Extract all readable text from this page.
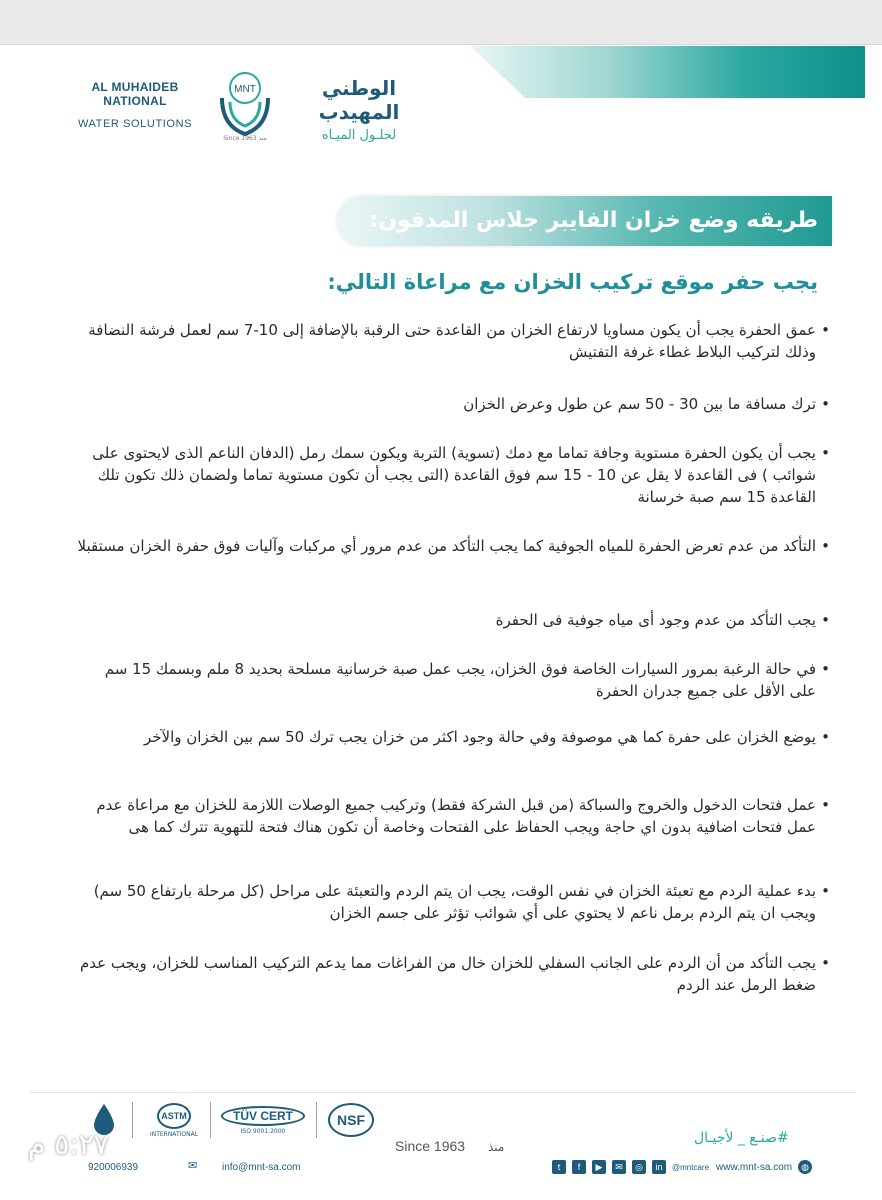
AL MUHAIDEB NATIONAL
WATER SOLUTIONS
MNT
Since 1963 منذ
الوطني المهيدب
لحلـول الميـاه
طريقه وضع خزان الفايبر جلاس المدفون:
يجب حفر موقع تركيب الخزان مع مراعاة التالي:
•
عمق الحفرة يجب أن يكون مساويا لارتفاع الخزان من القاعدة حتى الرقبة بالإضافة إلى 10-7 سم لعمل فرشة النضافة وذلك لتركيب البلاط غطاء غرفة التفتيش
•
ترك مسافة ما بين 30 - 50 سم عن طول وعرض الخزان
•
يجب أن يكون الحفرة مستوية وجافة تماما مع دمك (تسوية) التربة ويكون سمك رمل (الدفان الناعم الذى لايحتوى على شوائب ) فى القاعدة لا يقل عن 10 - 15 سم فوق القاعدة (التى يجب أن تكون مستوية تماما ولضمان ذلك تكون تلك القاعدة 15 سم صبة خرسانة
•
التأكد من عدم تعرض الحفرة للمياه الجوفية كما يجب التأكد من عدم مرور أي مركبات وآليات فوق حفرة الخزان مستقبلا
•
يجب التأكد من عدم وجود أى مياه جوفية فى الحفرة
•
في حالة الرغبة بمرور السيارات الخاصة فوق الخزان، يجب عمل صبة خرسانية مسلحة بحديد 8 ملم وبسمك 15 سم على الأقل على جميع جدران الحفرة
•
يوضع الخزان على حفرة كما هي موصوفة وفي حالة وجود اكثر من خزان يجب ترك 50 سم بين الخزان والآخر
•
عمل فتحات الدخول والخروج والسباكة (من قبل الشركة فقط) وتركيب جميع الوصلات اللازمة للخزان مع مراعاة عدم عمل فتحات اضافية بدون اي حاجة ويجب الحفاظ على الفتحات وخاصة أن تكون هناك فتحة للتهوية تترك كما هى
•
بدء عملية الردم مع تعبئة الخزان في نفس الوقت، يجب ان يتم الردم والتعبئة على مراحل (كل مرحلة بارتفاع 50 سم) ويجب ان يتم الردم برمل ناعم لا يحتوي على أي شوائب تؤثر على جسم الخزان
•
يجب التأكد من أن الردم على الجانب السفلي للخزان خال من الفراغات مما يدعم التركيب المناسب للخزان، ويجب عدم ضغط الرمل عند الردم
ASTM
INTERNATIONAL
TÜV CERT
ISO 9001:2000
NSF
920006939	✉ info@mnt-sa.com
Since 1963 منذ
#صنـع _ لأجيـال
t	f	▶	✉	◎	in	@mntcare www.mnt-sa.com ◍
٥:٢٧ م
